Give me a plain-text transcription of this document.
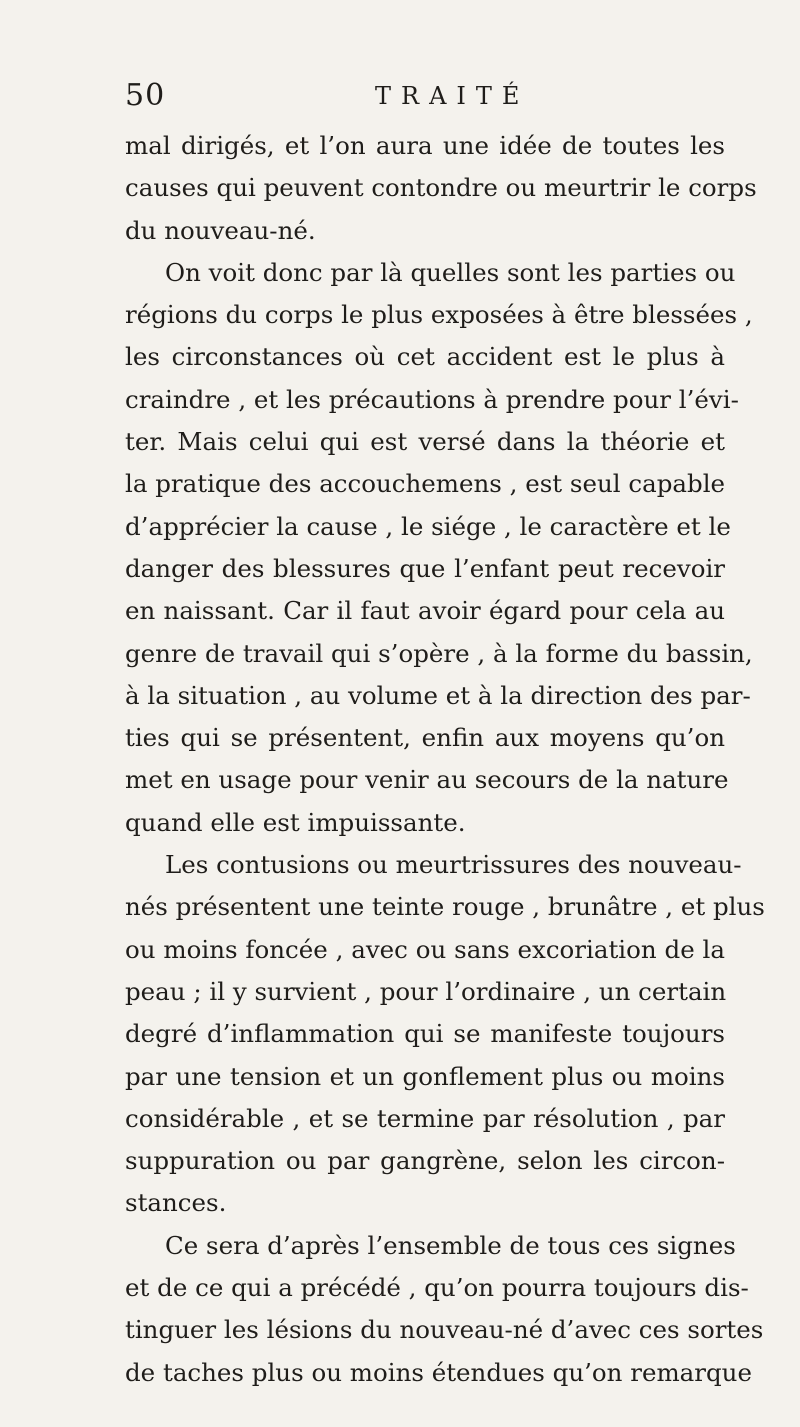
50	TRAITÉ
mal dirigés, et l’on aura une idée de toutes les
causes qui peuvent contondre ou meurtrir le corps
du nouveau-né.
On voit donc par là quelles sont les parties ou
régions du corps le plus exposées à être blessées ,
les circonstances où cet accident est le plus à
craindre , et les précautions à prendre pour l’évi-
ter. Mais celui qui est versé dans la théorie et
la pratique des accouchemens , est seul capable
d’apprécier la cause , le siége , le caractère et le
danger des blessures que l’enfant peut recevoir
en naissant. Car il faut avoir égard pour cela au
genre de travail qui s’opère , à la forme du bassin,
à la situation , au volume et à la direction des par-
ties qui se présentent, enfin aux moyens qu’on
met en usage pour venir au secours de la nature
quand elle est impuissante.
Les contusions ou meurtrissures des nouveau-
nés présentent une teinte rouge , brunâtre , et plus
ou moins foncée , avec ou sans excoriation de la
peau ; il y survient , pour l’ordinaire , un certain
degré d’inflammation qui se manifeste toujours
par une tension et un gonflement plus ou moins
considérable , et se termine par résolution , par
suppuration ou par gangrène, selon les circon-
stances.
Ce sera d’après l’ensemble de tous ces signes
et de ce qui a précédé , qu’on pourra toujours dis-
tinguer les lésions du nouveau-né d’avec ces sortes
de taches plus ou moins étendues qu’on remarque
